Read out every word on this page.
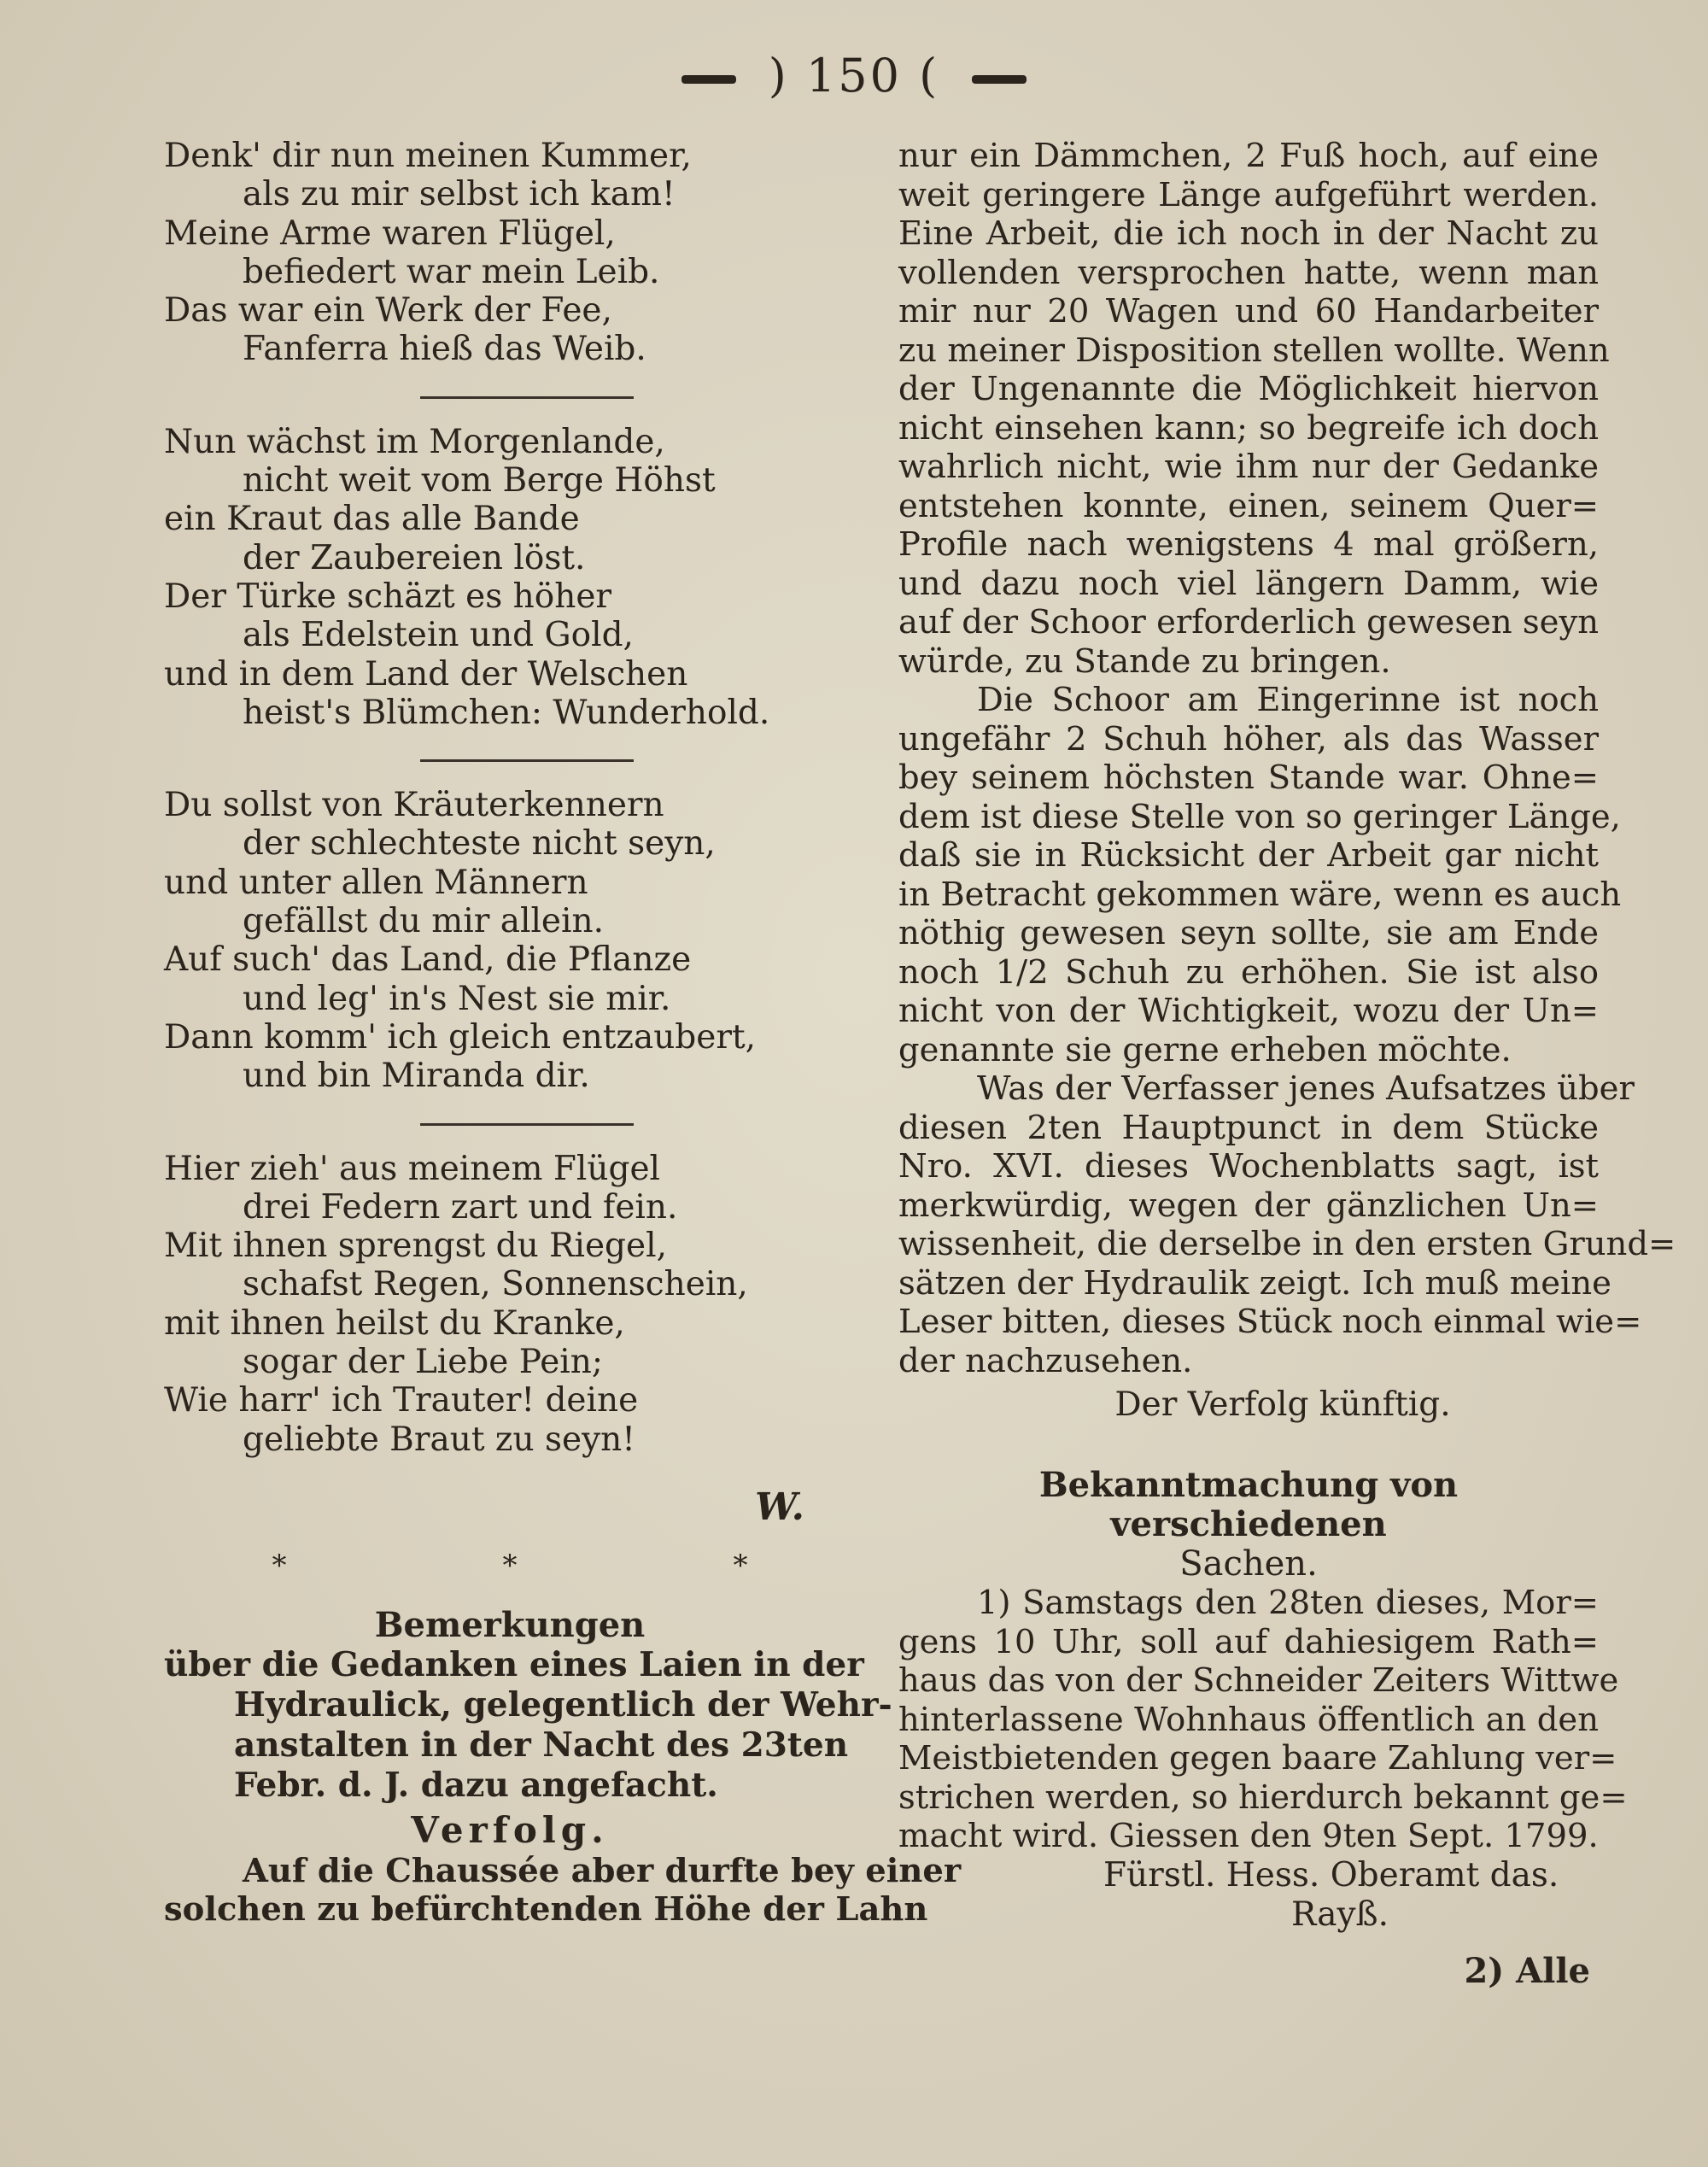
) 150 (
Denk' dir nun meinen Kummer,
als zu mir selbst ich kam!
Meine Arme waren Flügel,
befiedert war mein Leib.
Das war ein Werk der Fee,
Fanferra hieß das Weib.
Nun wächst im Morgenlande,
nicht weit vom Berge Höhst
ein Kraut das alle Bande
der Zaubereien löst.
Der Türke schäzt es höher
als Edelstein und Gold,
und in dem Land der Welschen
heist's Blümchen: Wunderhold.
Du sollst von Kräuterkennern
der schlechteste nicht seyn,
und unter allen Männern
gefällst du mir allein.
Auf such' das Land, die Pflanze
und leg' in's Nest sie mir.
Dann komm' ich gleich entzaubert,
und bin Miranda dir.
Hier zieh' aus meinem Flügel
drei Federn zart und fein.
Mit ihnen sprengst du Riegel,
schafst Regen, Sonnenschein,
mit ihnen heilst du Kranke,
sogar der Liebe Pein;
Wie harr' ich Trauter! deine
geliebte Braut zu seyn!
W.
*	*	*
Bemerkungen
über die Gedanken eines Laien in der
Hydraulick, gelegentlich der Wehr-
anstalten in der Nacht des 23ten
Febr. d. J. dazu angefacht.
Verfolg.
Auf die Chaussée aber durfte bey einer
solchen zu befürchtenden Höhe der Lahn
nur ein Dämmchen, 2 Fuß hoch, auf eine
weit geringere Länge aufgeführt werden.
Eine Arbeit, die ich noch in der Nacht zu
vollenden versprochen hatte, wenn man
mir nur 20 Wagen und 60 Handarbeiter
zu meiner Disposition stellen wollte. Wenn
der Ungenannte die Möglichkeit hiervon
nicht einsehen kann; so begreife ich doch
wahrlich nicht, wie ihm nur der Gedanke
entstehen konnte, einen, seinem Quer=
Profile nach wenigstens 4 mal größern,
und dazu noch viel längern Damm, wie
auf der Schoor erforderlich gewesen seyn
würde, zu Stande zu bringen.
Die Schoor am Eingerinne ist noch
ungefähr 2 Schuh höher, als das Wasser
bey seinem höchsten Stande war. Ohne=
dem ist diese Stelle von so geringer Länge,
daß sie in Rücksicht der Arbeit gar nicht
in Betracht gekommen wäre, wenn es auch
nöthig gewesen seyn sollte, sie am Ende
noch 1/2 Schuh zu erhöhen. Sie ist also
nicht von der Wichtigkeit, wozu der Un=
genannte sie gerne erheben möchte.
Was der Verfasser jenes Aufsatzes über
diesen 2ten Hauptpunct in dem Stücke
Nro. XVI. dieses Wochenblatts sagt, ist
merkwürdig, wegen der gänzlichen Un=
wissenheit, die derselbe in den ersten Grund=
sätzen der Hydraulik zeigt. Ich muß meine
Leser bitten, dieses Stück noch einmal wie=
der nachzusehen.
Der Verfolg künftig.
Bekanntmachung von verschiedenen
Sachen.
1) Samstags den 28ten dieses, Mor=
gens 10 Uhr, soll auf dahiesigem Rath=
haus das von der Schneider Zeiters Wittwe
hinterlassene Wohnhaus öffentlich an den
Meistbietenden gegen baare Zahlung ver=
strichen werden, so hierdurch bekannt ge=
macht wird. Giessen den 9ten Sept. 1799.
Fürstl. Hess. Oberamt das.
Rayß.
2) Alle
